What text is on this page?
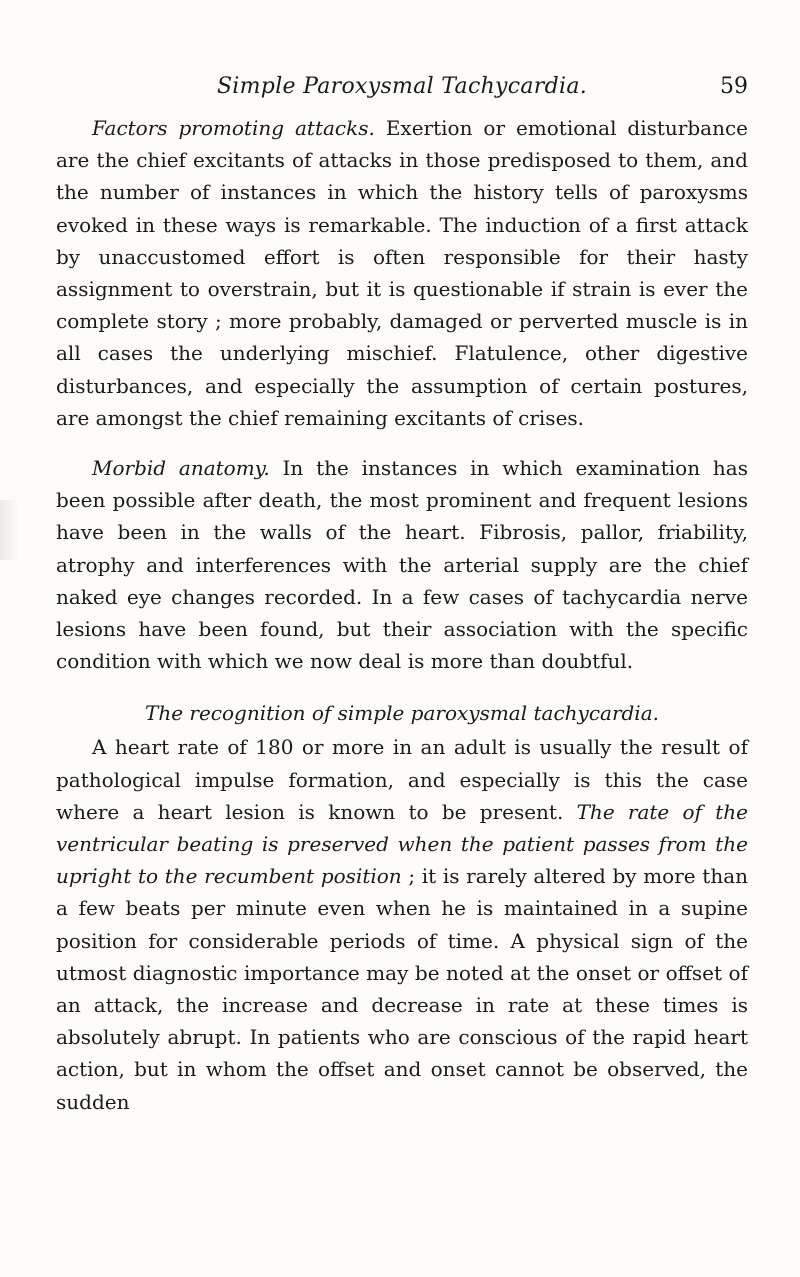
Simple Paroxysmal Tachycardia.	59

Factors promoting attacks. Exertion or emotional disturbance are the chief excitants of attacks in those predisposed to them, and the number of instances in which the history tells of paroxysms evoked in these ways is remarkable. The induction of a first attack by unaccustomed effort is often responsible for their hasty assignment to overstrain, but it is questionable if strain is ever the complete story ; more probably, damaged or perverted muscle is in all cases the underlying mischief. Flatulence, other digestive disturbances, and especially the assumption of certain postures, are amongst the chief remaining excitants of crises.

Morbid anatomy. In the instances in which examination has been possible after death, the most prominent and frequent lesions have been in the walls of the heart. Fibrosis, pallor, friability, atrophy and interferences with the arterial supply are the chief naked eye changes recorded. In a few cases of tachycardia nerve lesions have been found, but their association with the specific condition with which we now deal is more than doubtful.

The recognition of simple paroxysmal tachycardia.

A heart rate of 180 or more in an adult is usually the result of pathological impulse formation, and especially is this the case where a heart lesion is known to be present. The rate of the ventricular beating is preserved when the patient passes from the upright to the recumbent position ; it is rarely altered by more than a few beats per minute even when he is maintained in a supine position for considerable periods of time. A physical sign of the utmost diagnostic importance may be noted at the onset or offset of an attack, the increase and decrease in rate at these times is absolutely abrupt. In patients who are conscious of the rapid heart action, but in whom the offset and onset cannot be observed, the sudden
